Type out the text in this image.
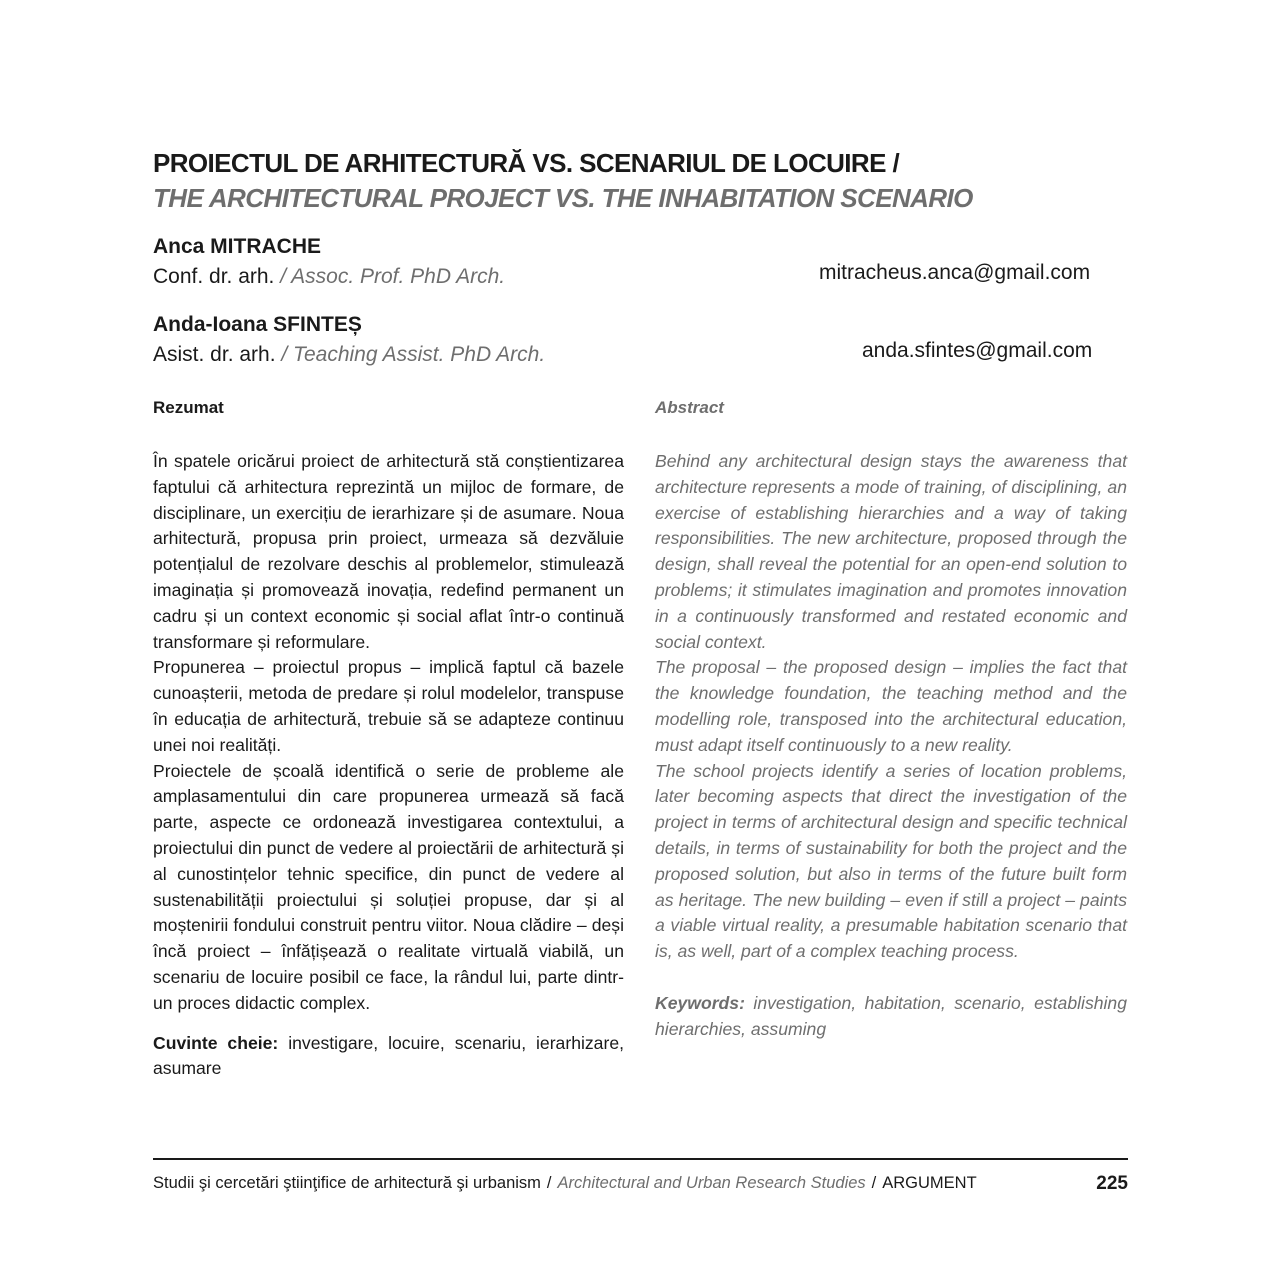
PROIECTUL DE ARHITECTURĂ VS. SCENARIUL DE LOCUIRE /
THE ARCHITECTURAL PROJECT VS. THE INHABITATION SCENARIO
Anca MITRACHE
Conf. dr. arh. / Assoc. Prof. PhD Arch.	mitracheus.anca@gmail.com
Anda-Ioana SFINTEȘ
Asist. dr. arh. / Teaching Assist. PhD Arch.	anda.sfintes@gmail.com
Rezumat	Abstract

În spatele oricărui proiect de arhitectură stă conștientizarea faptului că arhitectura reprezintă un mijloc de formare, de disciplinare, un exercițiu de ierarhizare și de asumare. Noua arhitectură, propusa prin proiect, urmeaza să dezvăluie potențialul de rezolvare deschis al problemelor, stimulează imaginația și promovează inovația, redefind permanent un cadru și un context economic și social aflat într-o continuă transformare și reformulare.

Propunerea – proiectul propus – implică faptul că bazele cunoașterii, metoda de predare și rolul modelelor, transpuse în educația de arhitectură, trebuie să se adapteze continuu unei noi realități.

Proiectele de școală identifică o serie de probleme ale amplasamentului din care propunerea urmează să facă parte, aspecte ce ordonează investigarea contextului, a proiectului din punct de vedere al proiectării de arhitectură și al cunostințelor tehnic specifice, din punct de vedere al sustenabilității proiectului și soluției propuse, dar și al moștenirii fondului construit pentru viitor. Noua clădire – deși încă proiect – înfățișează o realitate virtuală viabilă, un scenariu de locuire posibil ce face, la rândul lui, parte dintr-un proces didactic complex.

Cuvinte cheie: investigare, locuire, scenariu, ierarhizare, asumare

Behind any architectural design stays the awareness that architecture represents a mode of training, of disciplining, an exercise of establishing hierarchies and a way of taking responsibilities. The new architecture, proposed through the design, shall reveal the potential for an open-end solution to problems; it stimulates imagination and promotes innovation in a continuously transformed and restated economic and social context.

The proposal – the proposed design – implies the fact that the knowledge foundation, the teaching method and the modelling role, transposed into the architectural education, must adapt itself continuously to a new reality.

The school projects identify a series of location problems, later becoming aspects that direct the investigation of the project in terms of architectural design and specific technical details, in terms of sustainability for both the project and the proposed solution, but also in terms of the future built form as heritage. The new building – even if still a project – paints a viable virtual reality, a presumable habitation scenario that is, as well, part of a complex teaching process.

Keywords: investigation, habitation, scenario, establishing hierarchies, assuming

Studii şi cercetări ştiinţifice de arhitectură şi urbanism / Architectural and Urban Research Studies / ARGUMENT	225
